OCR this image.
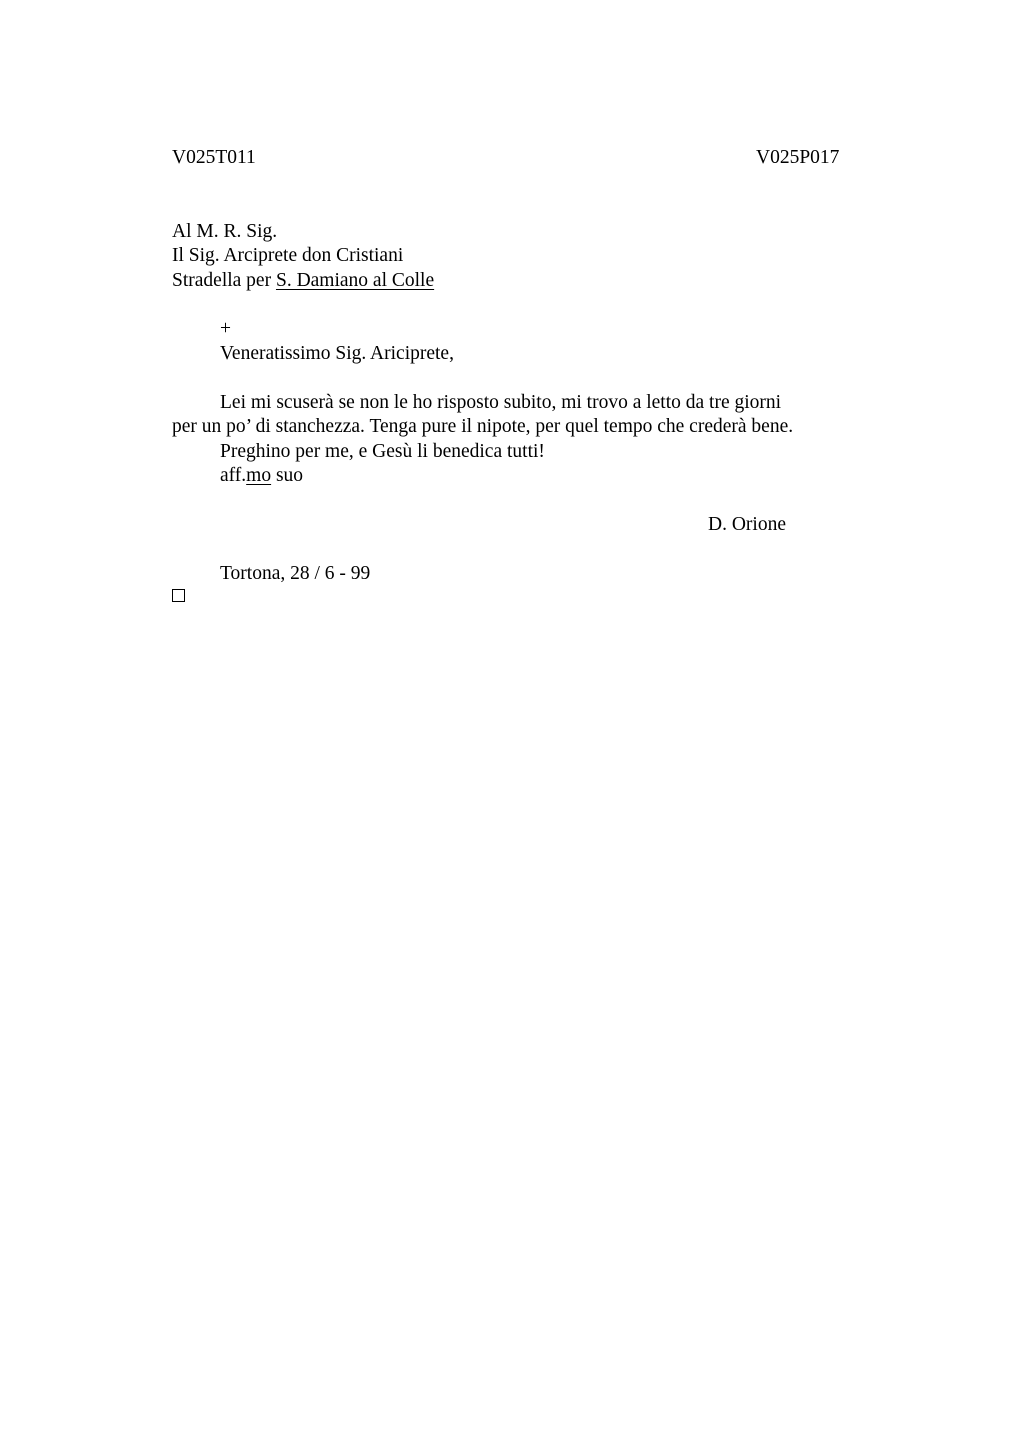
V025T011	V025P017
Al M. R. Sig.
Il Sig. Arciprete don Cristiani
Stradella per S. Damiano al Colle
+
Veneratissimo Sig. Ariciprete,
Lei mi scuserà se non le ho risposto subito, mi trovo a letto da tre giorni
per un po’ di stanchezza. Tenga pure il nipote, per quel tempo che crederà bene.
Preghino per me, e Gesù li benedica tutti!
aff.mo suo
D. Orione
Tortona, 28 / 6 - 99
